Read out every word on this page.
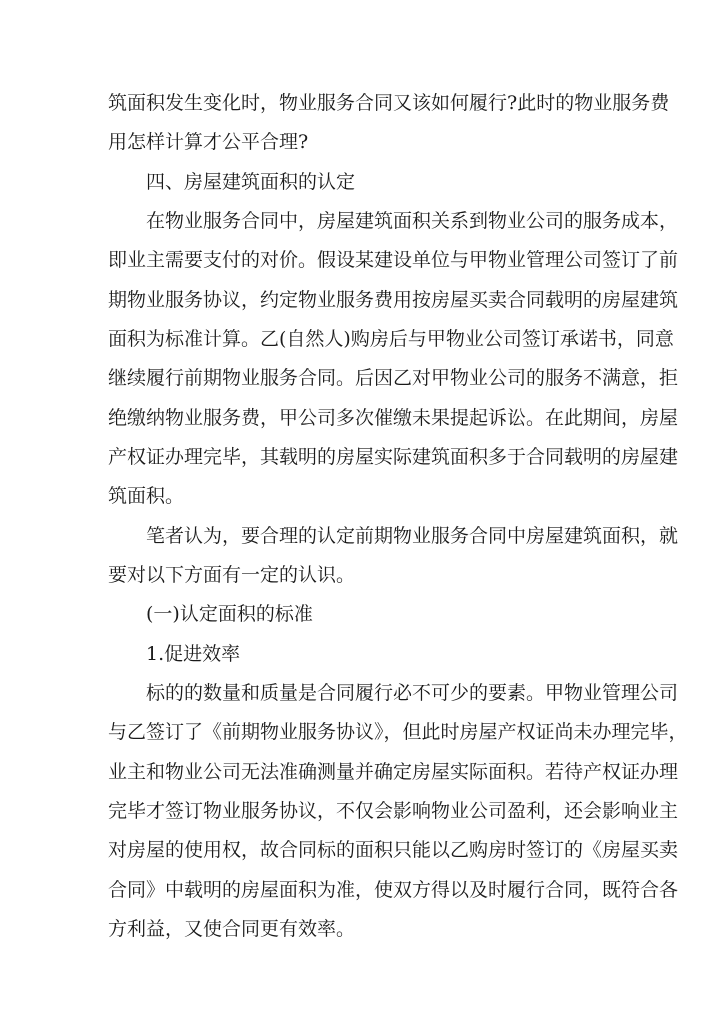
筑面积发生变化时，物业服务合同又该如何履行?此时的物业服务费
用怎样计算才公平合理?
四、房屋建筑面积的认定
在物业服务合同中，房屋建筑面积关系到物业公司的服务成本，
即业主需要支付的对价。假设某建设单位与甲物业管理公司签订了前
期物业服务协议，约定物业服务费用按房屋买卖合同载明的房屋建筑
面积为标准计算。乙(自然人)购房后与甲物业公司签订承诺书，同意
继续履行前期物业服务合同。后因乙对甲物业公司的服务不满意，拒
绝缴纳物业服务费，甲公司多次催缴未果提起诉讼。在此期间，房屋
产权证办理完毕，其载明的房屋实际建筑面积多于合同载明的房屋建
筑面积。
笔者认为，要合理的认定前期物业服务合同中房屋建筑面积，就
要对以下方面有一定的认识。
(一)认定面积的标准
1.促进效率
标的的数量和质量是合同履行必不可少的要素。甲物业管理公司
与乙签订了《前期物业服务协议》，但此时房屋产权证尚未办理完毕，
业主和物业公司无法准确测量并确定房屋实际面积。若待产权证办理
完毕才签订物业服务协议，不仅会影响物业公司盈利，还会影响业主
对房屋的使用权，故合同标的面积只能以乙购房时签订的《房屋买卖
合同》中载明的房屋面积为准，使双方得以及时履行合同，既符合各
方利益，又使合同更有效率。
